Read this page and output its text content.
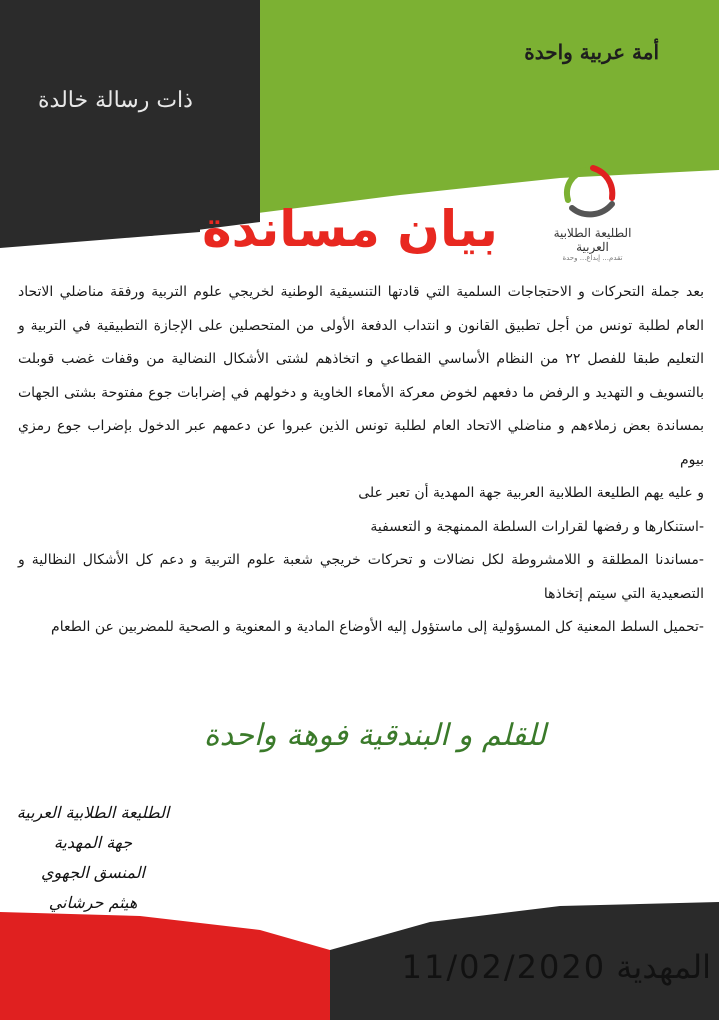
أمة عربية واحدة
ذات رسالة خالدة
الطليعة الطلابية العربية
تقدم... إبداع... وحدة
بيان مساندة

بعد جملة التحركات و الاحتجاجات السلمية التي قادتها التنسيقية الوطنية لخريجي علوم التربية ورفقة مناضلي الاتحاد العام لطلبة تونس من أجل تطبيق القانون و انتداب الدفعة الأولى من المتحصلين على الإجازة التطبيقية في التربية و التعليم طبقا للفصل ٢٢ من النظام الأساسي القطاعي و اتخاذهم لشتى الأشكال النضالية من وقفات غضب قوبلت بالتسويف و التهديد و الرفض ما دفعهم لخوض معركة الأمعاء الخاوية و دخولهم في إضرابات جوع مفتوحة بشتى الجهات بمساندة بعض زملاءهم و مناضلي الاتحاد العام لطلبة تونس الذين عبروا عن دعمهم عبر الدخول بإضراب جوع رمزي بيوم

و عليه يهم الطليعة الطلابية العربية جهة المهدية أن تعبر على

-استنكارها و رفضها لقرارات السلطة الممنهجة و التعسفية

-مساندنا المطلقة و اللامشروطة لكل نضالات و تحركات خريجي شعبة علوم التربية و دعم كل الأشكال النظالية و التصعيدية التي سيتم إتخاذها

-تحميل السلط المعنية كل المسؤولية إلى ماستؤول إليه الأوضاع المادية و المعنوية و الصحية للمضربين عن الطعام

للقلم و البندقية فوهة واحدة
الطليعة الطلابية العربية
جهة المهدية
المنسق الجهوي
هيثم حرشاني
المهدية 11/02/2020
